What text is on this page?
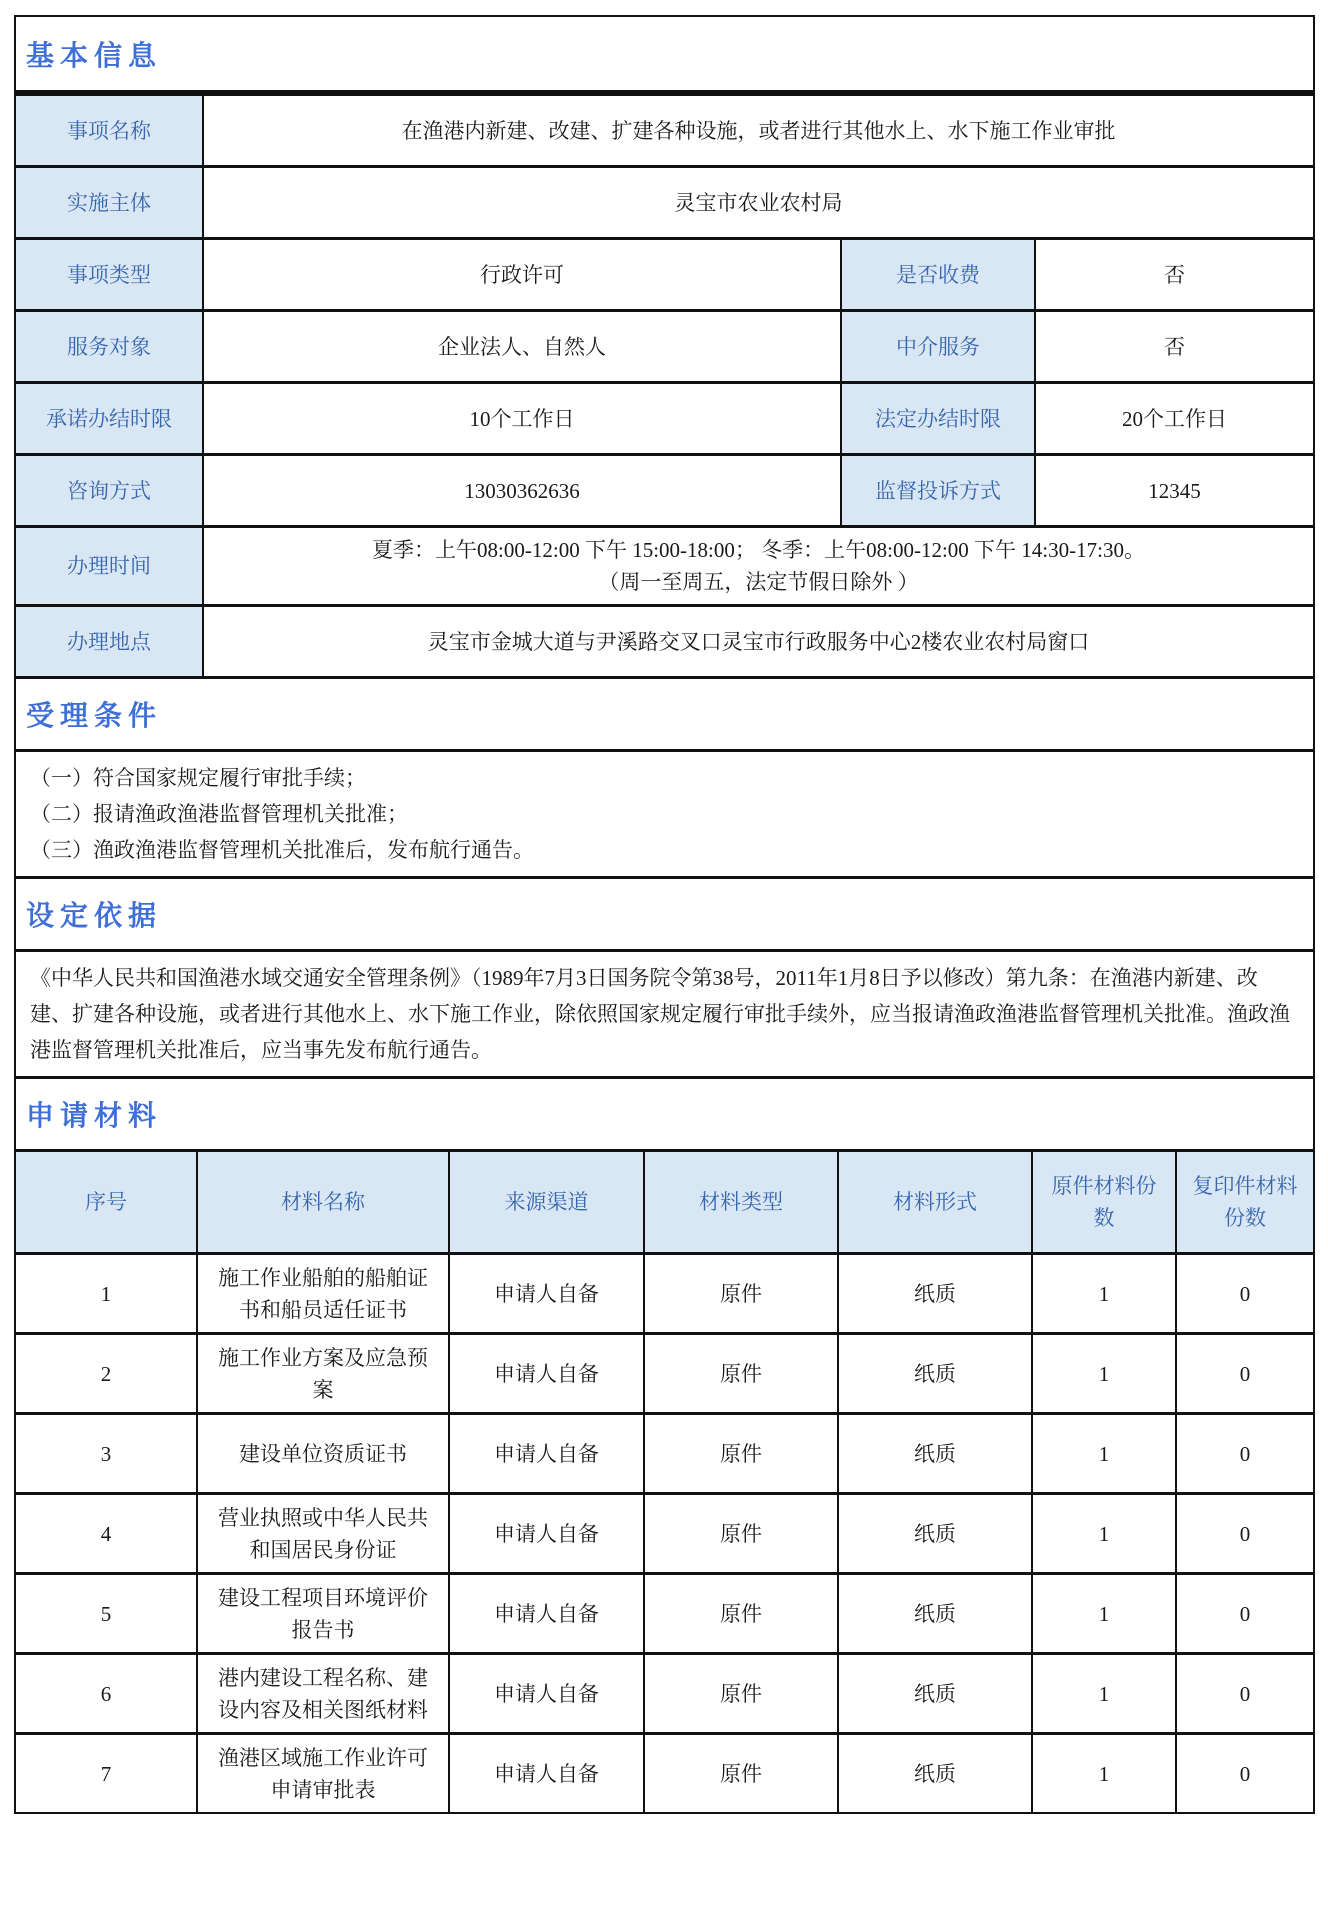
基本信息
事项名称	在渔港内新建、改建、扩建各种设施，或者进行其他水上、水下施工作业审批		
实施主体	灵宝市农业农村局		
事项类型	行政许可	是否收费	否
服务对象	企业法人、自然人	中介服务	否
承诺办结时限	10个工作日	法定办结时限	20个工作日
咨询方式	13030362636	监督投诉方式	12345
办理时间	夏季：上午08:00-12:00 下午 15:00-18:00； 冬季：上午08:00-12:00 下午 14:30-17:30。
（周一至周五，法定节假日除外 ）		

办理地点	灵宝市金城大道与尹溪路交叉口灵宝市行政服务中心2楼农业农村局窗口		
受理条件
（一）符合国家规定履行审批手续；
（二）报请渔政渔港监督管理机关批准；
（三）渔政渔港监督管理机关批准后，发布航行通告。
设定依据
《中华人民共和国渔港水域交通安全管理条例》（1989年7月3日国务院令第38号，2011年1月8日予以修改）第九条：在渔港内新建、改建、扩建各种设施，或者进行其他水上、水下施工作业，除依照国家规定履行审批手续外，应当报请渔政渔港监督管理机关批准。渔政渔港监督管理机关批准后，应当事先发布航行通告。
申请材料
序号	材料名称	来源渠道	材料类型	材料形式	原件材料份数	复印件材料份数
1	施工作业船舶的船舶证书和船员适任证书	申请人自备	原件	纸质	1	0
2	施工作业方案及应急预案	申请人自备	原件	纸质	1	0
3	建设单位资质证书	申请人自备	原件	纸质	1	0
4	营业执照或中华人民共和国居民身份证	申请人自备	原件	纸质	1	0
5	建设工程项目环境评价报告书	申请人自备	原件	纸质	1	0
6	港内建设工程名称、建设内容及相关图纸材料	申请人自备	原件	纸质	1	0
7	渔港区域施工作业许可申请审批表	申请人自备	原件	纸质	1	0
